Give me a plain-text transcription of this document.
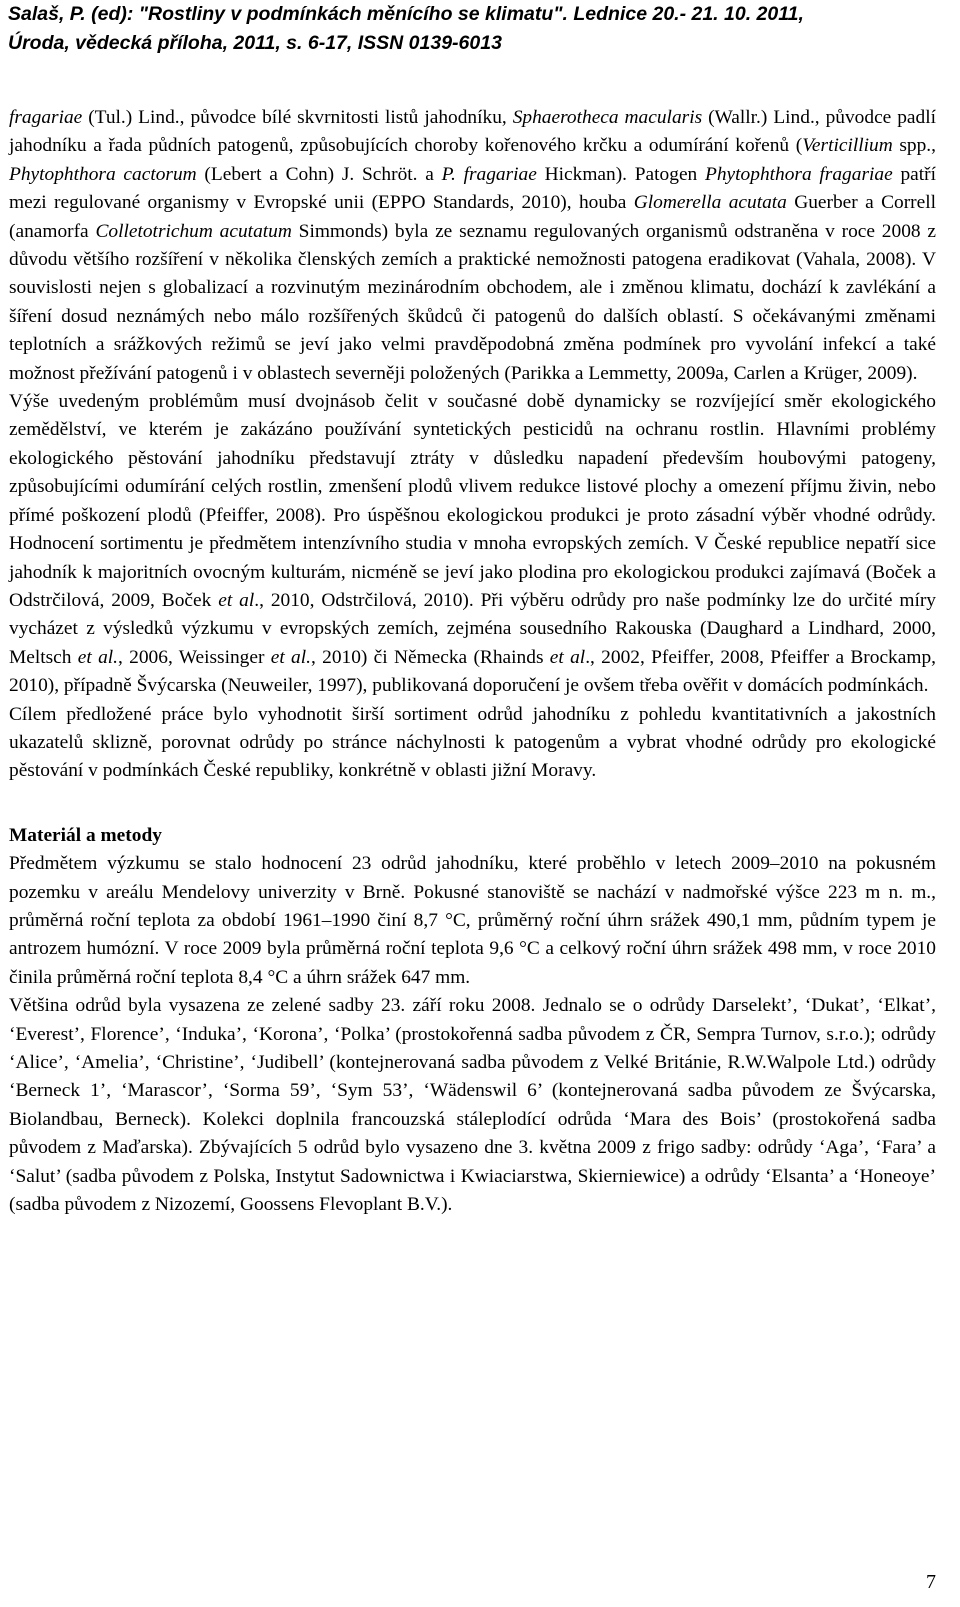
Salaš, P. (ed): "Rostliny v podmínkách měnícího se klimatu". Lednice 20.- 21. 10. 2011,
Úroda, vědecká příloha, 2011, s. 6-17, ISSN 0139-6013

fragariae (Tul.) Lind., původce bílé skvrnitosti listů jahodníku, Sphaerotheca macularis (Wallr.) Lind., původce padlí jahodníku a řada půdních patogenů, způsobujících choroby kořenového krčku a odumírání kořenů (Verticillium spp., Phytophthora cactorum (Lebert a Cohn) J. Schröt. a P. fragariae Hickman). Patogen Phytophthora fragariae patří mezi regulované organismy v Evropské unii (EPPO Standards, 2010), houba Glomerella acutata Guerber a Correll (anamorfa Colletotrichum acutatum Simmonds) byla ze seznamu regulovaných organismů odstraněna v roce 2008 z důvodu většího rozšíření v několika členských zemích a praktické nemožnosti patogena eradikovat (Vahala, 2008). V souvislosti nejen s globalizací a rozvinutým mezinárodním obchodem, ale i změnou klimatu, dochází k zavlékání a šíření dosud neznámých nebo málo rozšířených škůdců či patogenů do dalších oblastí. S očekávanými změnami teplotních a srážkových režimů se jeví jako velmi pravděpodobná změna podmínek pro vyvolání infekcí a také možnost přežívání patogenů i v oblastech severněji položených (Parikka a Lemmetty, 2009a, Carlen a Krüger, 2009).

Výše uvedeným problémům musí dvojnásob čelit v současné době dynamicky se rozvíjející směr ekologického zemědělství, ve kterém je zakázáno používání syntetických pesticidů na ochranu rostlin. Hlavními problémy ekologického pěstování jahodníku představují ztráty v důsledku napadení především houbovými patogeny, způsobujícími odumírání celých rostlin, zmenšení plodů vlivem redukce listové plochy a omezení příjmu živin, nebo přímé poškození plodů (Pfeiffer, 2008). Pro úspěšnou ekologickou produkci je proto zásadní výběr vhodné odrůdy. Hodnocení sortimentu je předmětem intenzívního studia v mnoha evropských zemích. V České republice nepatří sice jahodník k majoritních ovocným kulturám, nicméně se jeví jako plodina pro ekologickou produkci zajímavá (Boček a Odstrčilová, 2009, Boček et al., 2010, Odstrčilová, 2010). Při výběru odrůdy pro naše podmínky lze do určité míry vycházet z výsledků výzkumu v evropských zemích, zejména sousedního Rakouska (Daughard a Lindhard, 2000, Meltsch et al., 2006, Weissinger et al., 2010) či Německa (Rhainds et al., 2002, Pfeiffer, 2008, Pfeiffer a Brockamp, 2010), případně Švýcarska (Neuweiler, 1997), publikovaná doporučení je ovšem třeba ověřit v domácích podmínkách.

Cílem předložené práce bylo vyhodnotit širší sortiment odrůd jahodníku z pohledu kvantitativních a jakostních ukazatelů sklizně, porovnat odrůdy po stránce náchylnosti k patogenům a vybrat vhodné odrůdy pro ekologické pěstování v podmínkách České republiky, konkrétně v oblasti jižní Moravy.

Materiál a metody

Předmětem výzkumu se stalo hodnocení 23 odrůd jahodníku, které proběhlo v letech 2009–2010 na pokusném pozemku v areálu Mendelovy univerzity v Brně. Pokusné stanoviště se nachází v nadmořské výšce 223 m n. m., průměrná roční teplota za období 1961–1990 činí 8,7 °C, průměrný roční úhrn srážek 490,1 mm, půdním typem je antrozem humózní. V roce 2009 byla průměrná roční teplota 9,6 °C a celkový roční úhrn srážek 498 mm, v roce 2010 činila průměrná roční teplota 8,4 °C a úhrn srážek 647 mm.

Většina odrůd byla vysazena ze zelené sadby 23. září roku 2008. Jednalo se o odrůdy Darselekt’, ‘Dukat’, ‘Elkat’, ‘Everest’, Florence’, ‘Induka’, ‘Korona’, ‘Polka’ (prostokořenná sadba původem z ČR, Sempra Turnov, s.r.o.); odrůdy ‘Alice’, ‘Amelia’, ‘Christine’, ‘Judibell’ (kontejnerovaná sadba původem z Velké Británie, R.W.Walpole Ltd.) odrůdy ‘Berneck 1’, ‘Marascor’, ‘Sorma 59’, ‘Sym 53’, ‘Wädenswil 6’ (kontejnerovaná sadba původem ze Švýcarska, Biolandbau, Berneck). Kolekci doplnila francouzská stáleplodící odrůda ‘Mara des Bois’ (prostokořená sadba původem z Maďarska). Zbývajících 5 odrůd bylo vysazeno dne 3. května 2009 z frigo sadby: odrůdy ‘Aga’, ‘Fara’ a ‘Salut’ (sadba původem z Polska, Instytut Sadownictwa i Kwiaciarstwa, Skierniewice) a odrůdy ‘Elsanta’ a ‘Honeoye’ (sadba původem z Nizozemí, Goossens Flevoplant B.V.).

7
